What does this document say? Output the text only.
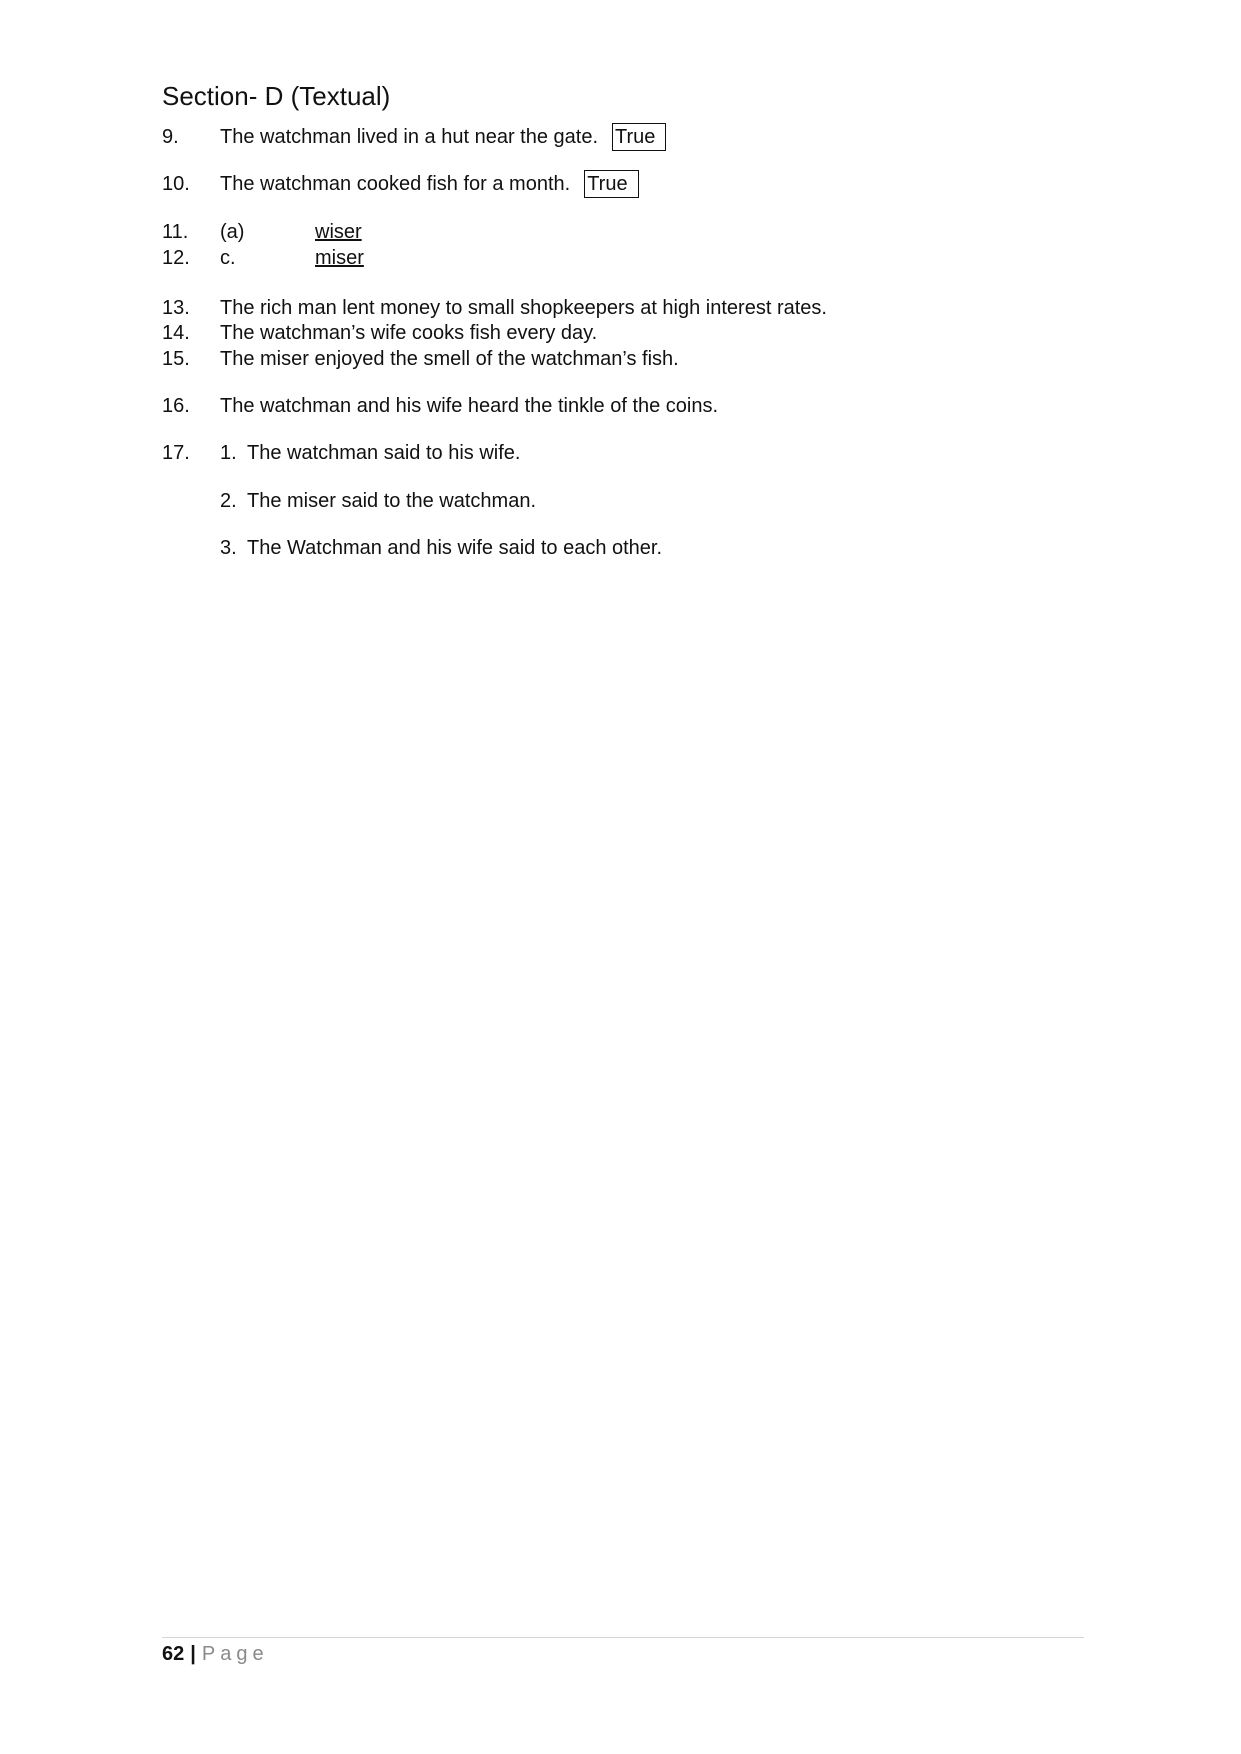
Section- D (Textual)
9. The watchman lived in a hut near the gate. True
10. The watchman cooked fish for a month. True
11. (a)	wiser
12. c.	miser
13. The rich man lent money to small shopkeepers at high interest rates.
14. The watchman’s wife cooks fish every day.
15. The miser enjoyed the smell of the watchman’s fish.
16. The watchman and his wife heard the tinkle of the coins.
17. 1. The watchman said to his wife.
2. The miser said to the watchman.
3. The Watchman and his wife said to each other.
62 | Page
